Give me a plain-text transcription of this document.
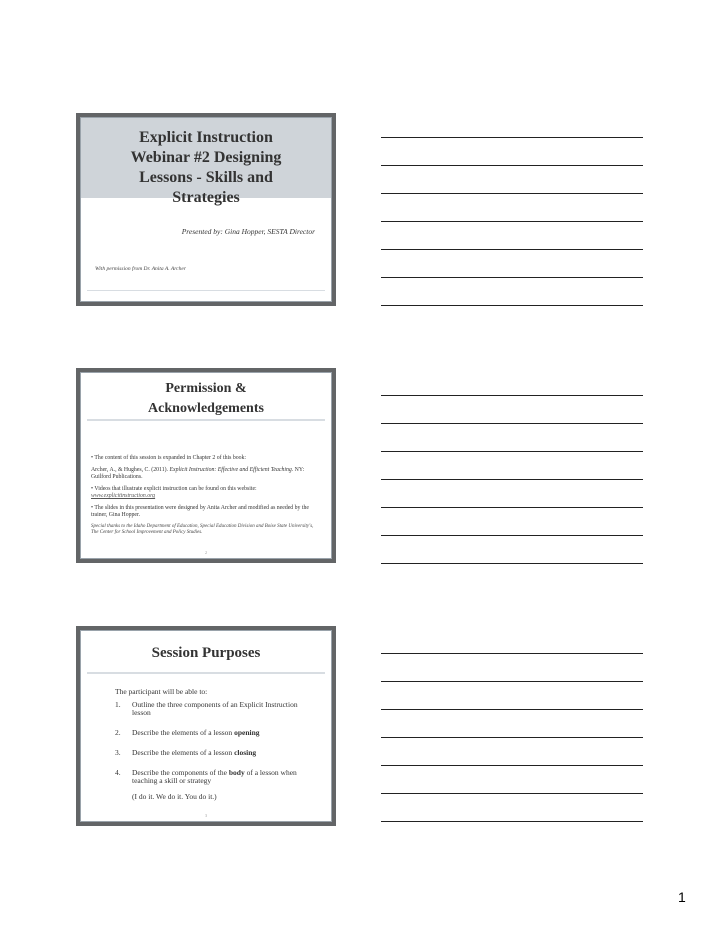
Explicit Instruction Webinar #2 Designing Lessons - Skills and Strategies
Presented by: Gina Hopper, SESTA Director
With permission from Dr. Anita A. Archer
Permission & Acknowledgements

• The content of this session is expanded in Chapter 2 of this book:

Archer, A., & Hughes, C. (2011). Explicit Instruction: Effective and Efficient Teaching. NY: Guilford Publications.

• Videos that illustrate explicit instruction can be found on this website:
www.explicitinstruction.org

• The slides in this presentation were designed by Anita Archer and modified as needed by the trainer, Gina Hopper.

Special thanks to the Idaho Department of Education, Special Education Division and Boise State University's, The Center for School Improvement and Policy Studies.

2
Session Purposes
The participant will be able to:
1. Outline the three components of an Explicit Instruction lesson
2. Describe the elements of a lesson opening
3. Describe the elements of a lesson closing
4. Describe the components of the body of a lesson when teaching a skill or strategy
(I do it. We do it. You do it.)
3
1
